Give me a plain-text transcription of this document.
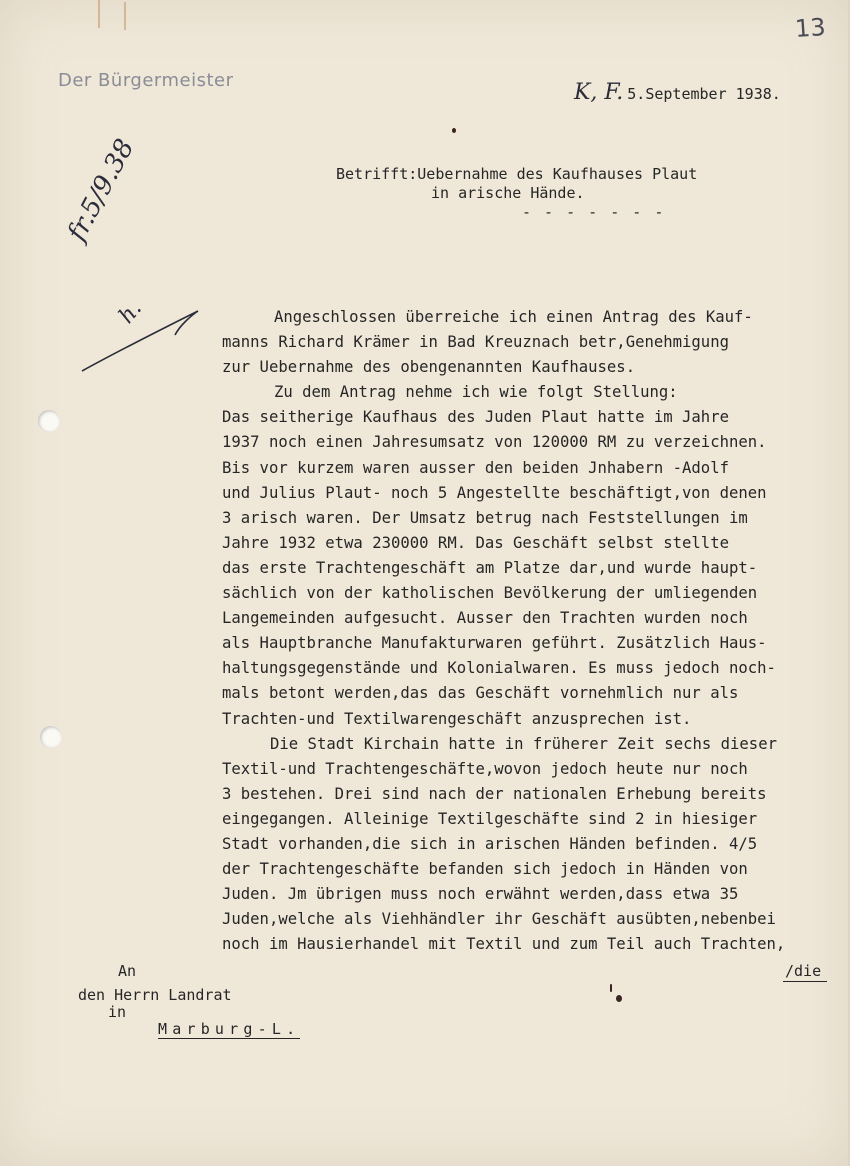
Der Bürgermeister
13
K, F. 5.September 1938.
Betrifft:Uebernahme des Kaufhauses Plaut
in arische Hände.
- - - - - - -
fr.5/9.38
h.	Angeschlossen überreiche ich einen Antrag des Kauf-
manns Richard Krämer in Bad Kreuznach betr,Genehmigung
zur Uebernahme des obengenannten Kaufhauses.
Zu dem Antrag nehme ich wie folgt Stellung:
Das seitherige Kaufhaus des Juden Plaut hatte im Jahre
1937 noch einen Jahresumsatz von 120000 RM zu verzeichnen.
Bis vor kurzem waren ausser den beiden Jnhabern -Adolf
und Julius Plaut- noch 5 Angestellte beschäftigt,von denen
3 arisch waren. Der Umsatz betrug nach Feststellungen im
Jahre 1932 etwa 230000 RM. Das Geschäft selbst stellte
das erste Trachtengeschäft am Platze dar,und wurde haupt-
sächlich von der katholischen Bevölkerung der umliegenden
Langemeinden aufgesucht. Ausser den Trachten wurden noch
als Hauptbranche Manufakturwaren geführt. Zusätzlich Haus-
haltungsgegenstände und Kolonialwaren. Es muss jedoch noch-
mals betont werden,das das Geschäft vornehmlich nur als
Trachten-und Textilwarengeschäft anzusprechen ist.
Die Stadt Kirchain hatte in früherer Zeit sechs dieser
Textil-und Trachtengeschäfte,wovon jedoch heute nur noch
3 bestehen. Drei sind nach der nationalen Erhebung bereits
eingegangen. Alleinige Textilgeschäfte sind 2 in hiesiger
Stadt vorhanden,die sich in arischen Händen befinden. 4/5
der Trachtengeschäfte befanden sich jedoch in Händen von
Juden. Jm übrigen muss noch erwähnt werden,dass etwa 35
Juden,welche als Viehhändler ihr Geschäft ausübten,nebenbei
noch im Hausierhandel mit Textil und zum Teil auch Trachten,
/die
An
den Herrn Landrat
in
Marburg-L.
